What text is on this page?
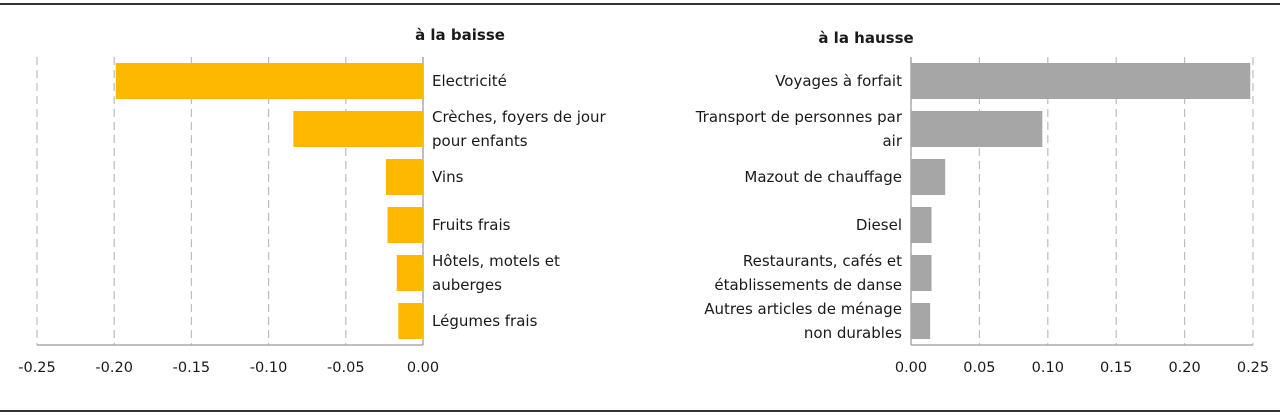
-0.25	-0.20	-0.15	-0.10	-0.05	0.00
à la baisse
Electricité
Crèches, foyers de jour pour enfants
Vins
Fruits frais
Hôtels, motels et auberges
Légumes frais
0.00 0.05 0.10 0.15 0.20 0.25
à la hausse
Voyages à forfait
Transport de personnes par air
Mazout de chauffage
Diesel
Restaurants, cafés et établissements de danse
Autres articles de ménage non durables
